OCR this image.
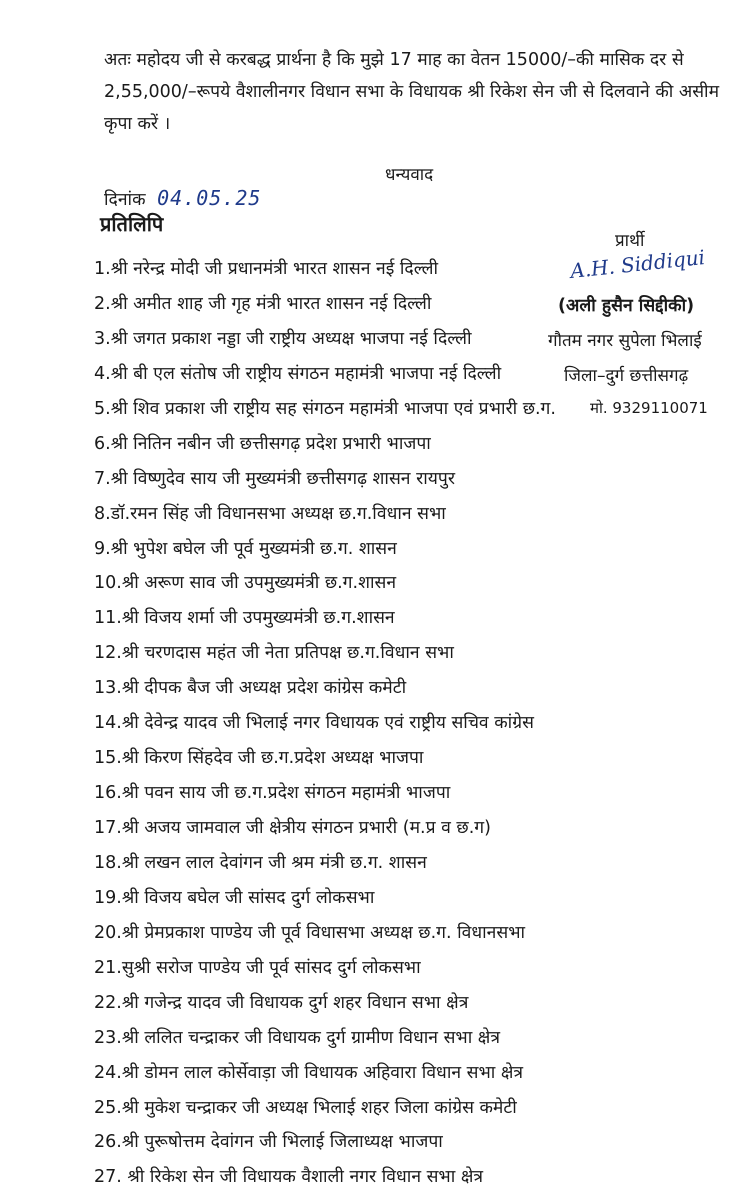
अतः महोदय जी से करबद्ध प्रार्थना है कि मुझे 17 माह का वेतन 15000/–की मासिक दर से
2,55,000/–रूपये वैशालीनगर विधान सभा के विधायक श्री रिकेश सेन जी से दिलवाने की असीम
कृपा करें ।
धन्यवाद
दिनांक 04.05.25
प्रतिलिपि
1.श्री नरेन्द्र मोदी जी प्रधानमंत्री भारत शासन नई दिल्ली
2.श्री अमीत शाह जी गृह मंत्री भारत शासन नई दिल्ली
3.श्री जगत प्रकाश नड्डा जी राष्ट्रीय अध्यक्ष भाजपा नई दिल्ली
4.श्री बी एल संतोष जी राष्ट्रीय संगठन महामंत्री भाजपा नई दिल्ली
5.श्री शिव प्रकाश जी राष्ट्रीय सह संगठन महामंत्री भाजपा एवं प्रभारी छ.ग.
6.श्री नितिन नबीन जी छत्तीसगढ़ प्रदेश प्रभारी भाजपा
7.श्री विष्णुदेव साय जी मुख्यमंत्री छत्तीसगढ़ शासन रायपुर
8.डॉ.रमन सिंह जी विधानसभा अध्यक्ष छ.ग.विधान सभा
9.श्री भुपेश बघेल जी पूर्व मुख्यमंत्री छ.ग. शासन
10.श्री अरूण साव जी उपमुख्यमंत्री छ.ग.शासन
11.श्री विजय शर्मा जी उपमुख्यमंत्री छ.ग.शासन
12.श्री चरणदास महंत जी नेता प्रतिपक्ष छ.ग.विधान सभा
13.श्री दीपक बैज जी अध्यक्ष प्रदेश कांग्रेस कमेटी
14.श्री देवेन्द्र यादव जी भिलाई नगर विधायक एवं राष्ट्रीय सचिव कांग्रेस
15.श्री किरण सिंहदेव जी छ.ग.प्रदेश अध्यक्ष भाजपा
16.श्री पवन साय जी छ.ग.प्रदेश संगठन महामंत्री भाजपा
17.श्री अजय जामवाल जी क्षेत्रीय संगठन प्रभारी (म.प्र व छ.ग)
18.श्री लखन लाल देवांगन जी श्रम मंत्री छ.ग. शासन
19.श्री विजय बघेल जी सांसद दुर्ग लोकसभा
20.श्री प्रेमप्रकाश पाण्डेय जी पूर्व विधासभा अध्यक्ष छ.ग. विधानसभा
21.सुश्री सरोज पाण्डेय जी पूर्व सांसद दुर्ग लोकसभा
22.श्री गजेन्द्र यादव जी विधायक दुर्ग शहर विधान सभा क्षेत्र
23.श्री ललित चन्द्राकर जी विधायक दुर्ग ग्रामीण विधान सभा क्षेत्र
24.श्री डोमन लाल कोर्सेवाड़ा जी विधायक अहिवारा विधान सभा क्षेत्र
25.श्री मुकेश चन्द्राकर जी अध्यक्ष भिलाई शहर जिला कांग्रेस कमेटी
26.श्री पुरूषोत्तम देवांगन जी भिलाई जिलाध्यक्ष भाजपा
27. श्री रिकेश सेन जी विधायक वैशाली नगर विधान सभा क्षेत्र
प्रार्थी
A.H. Siddiqui
(अली हुसैन सिद्दीकी)
गौतम नगर सुपेला भिलाई
जिला–दुर्ग छत्तीसगढ़
मो. 9329110071
